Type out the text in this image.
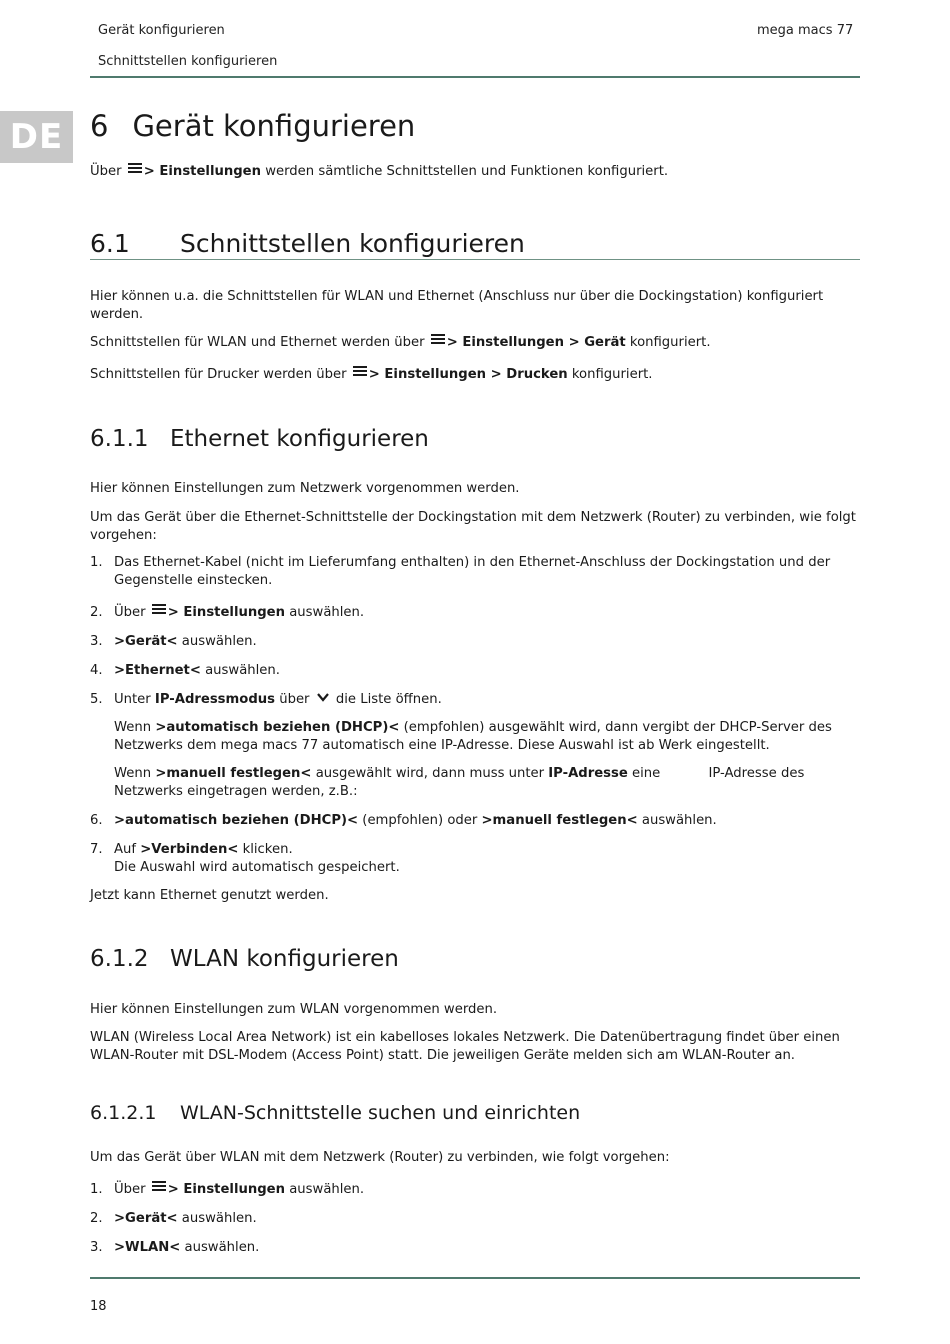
Gerät konfigurieren
Schnittstellen konfigurieren
mega macs 77
DE 6 Gerät konfigurieren
Über > Einstellungen werden sämtliche Schnittstellen und Funktionen konfiguriert.
6.1 Schnittstellen konfigurieren
Hier können u.a. die Schnittstellen für WLAN und Ethernet (Anschluss nur über die Dockingstation) konfiguriert werden.
Schnittstellen für WLAN und Ethernet werden über > Einstellungen > Gerät konfiguriert.
Schnittstellen für Drucker werden über > Einstellungen > Drucken konfiguriert.
6.1.1 Ethernet konfigurieren
Hier können Einstellungen zum Netzwerk vorgenommen werden.
Um das Gerät über die Ethernet-Schnittstelle der Dockingstation mit dem Netzwerk (Router) zu verbinden, wie folgt vorgehen:
1. Das Ethernet-Kabel (nicht im Lieferumfang enthalten) in den Ethernet-Anschluss der Dockingstation und der Gegenstelle einstecken.
2. Über > Einstellungen auswählen.
3. >Gerät< auswählen.
4. >Ethernet< auswählen.
5. Unter IP-Adressmodus über die Liste öffnen.
Wenn >automatisch beziehen (DHCP)< (empfohlen) ausgewählt wird, dann vergibt der DHCP-Server des Netzwerks dem mega macs 77 automatisch eine IP-Adresse. Diese Auswahl ist ab Werk eingestellt.
Wenn >manuell festlegen< ausgewählt wird, dann muss unter IP-Adresse eine	IP-Adresse des Netzwerks eingetragen werden, z.B.:
6. >automatisch beziehen (DHCP)< (empfohlen) oder >manuell festlegen< auswählen.
7. Auf >Verbinden< klicken.
Die Auswahl wird automatisch gespeichert.
Jetzt kann Ethernet genutzt werden.
6.1.2 WLAN konfigurieren
Hier können Einstellungen zum WLAN vorgenommen werden.
WLAN (Wireless Local Area Network) ist ein kabelloses lokales Netzwerk. Die Datenübertragung findet über einen WLAN-Router mit DSL-Modem (Access Point) statt. Die jeweiligen Geräte melden sich am WLAN-Router an.
6.1.2.1 WLAN-Schnittstelle suchen und einrichten
Um das Gerät über WLAN mit dem Netzwerk (Router) zu verbinden, wie folgt vorgehen:
1. Über > Einstellungen auswählen.
2. >Gerät< auswählen.
3. >WLAN< auswählen.
18
